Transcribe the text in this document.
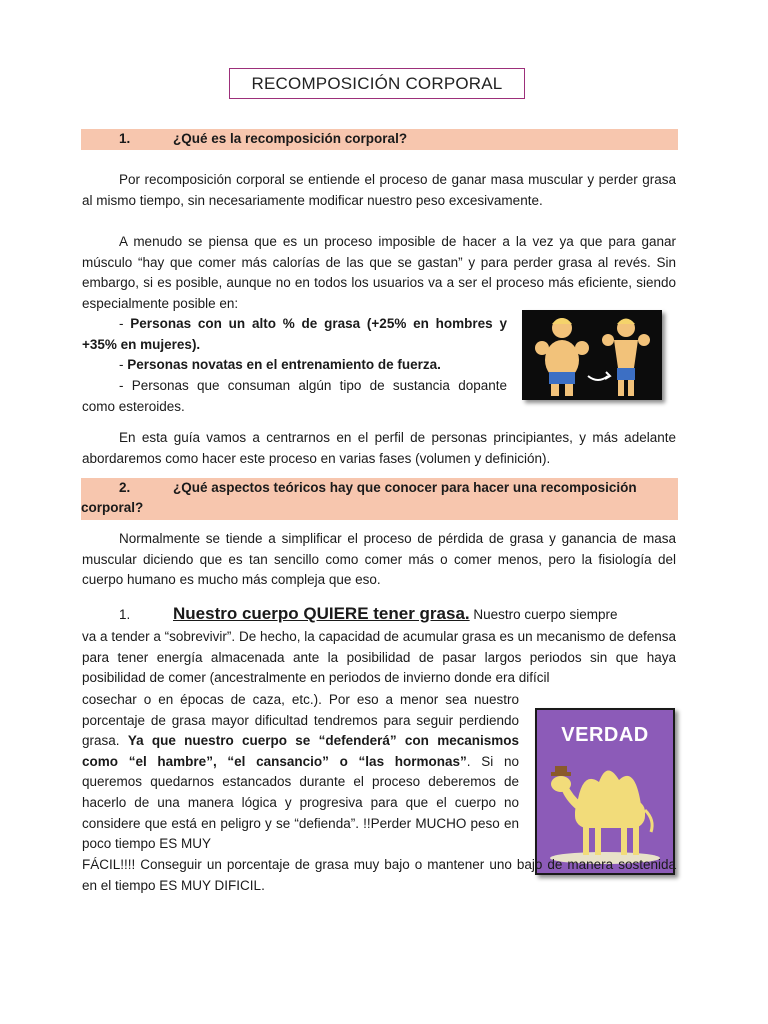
RECOMPOSICIÓN CORPORAL
1.	¿Qué es la recomposición corporal?

Por recomposición corporal se entiende el proceso de ganar masa muscular y perder grasa al mismo tiempo, sin necesariamente modificar nuestro peso excesivamente.

A menudo se piensa que es un proceso imposible de hacer a la vez ya que para ganar músculo “hay que comer más calorías de las que se gastan” y para perder grasa al revés. Sin embargo, si es posible, aunque no en todos los usuarios va a ser el proceso más eficiente, siendo especialmente posible en:

- Personas con un alto % de grasa (+25% en hombres y +35% en mujeres).

- Personas novatas en el entrenamiento de fuerza.

- Personas que consuman algún tipo de sustancia dopante como esteroides.

En esta guía vamos a centrarnos en el perfil de personas principiantes, y más adelante abordaremos como hacer este proceso en varias fases (volumen y definición).

2.	¿Qué aspectos teóricos hay que conocer para hacer una recomposición
corporal?

Normalmente se tiende a simplificar el proceso de pérdida de grasa y ganancia de masa muscular diciendo que es tan sencillo como comer más o comer menos, pero la fisiología del cuerpo humano es mucho más compleja que eso.

1.	Nuestro cuerpo QUIERE tener grasa. Nuestro cuerpo siempre

va a tender a “sobrevivir”. De hecho, la capacidad de acumular grasa es un mecanismo de defensa para tener energía almacenada ante la posibilidad de pasar largos periodos sin que haya posibilidad de comer (ancestralmente en periodos de invierno donde era difícil

cosechar o en épocas de caza, etc.). Por eso a menor sea nuestro porcentaje de grasa mayor dificultad tendremos para seguir perdiendo grasa. Ya que nuestro cuerpo se “defenderá” con mecanismos como “el hambre”, “el cansancio” o “las hormonas”. Si no queremos quedarnos estancados durante el proceso deberemos de hacerlo de una manera lógica y progresiva para que el cuerpo no considere que está en peligro y se “defienda”. !!Perder MUCHO peso en poco tiempo ES MUY

VERDAD

FÁCIL!!!! Conseguir un porcentaje de grasa muy bajo o mantener uno bajo de manera sostenida en el tiempo ES MUY DIFICIL.
